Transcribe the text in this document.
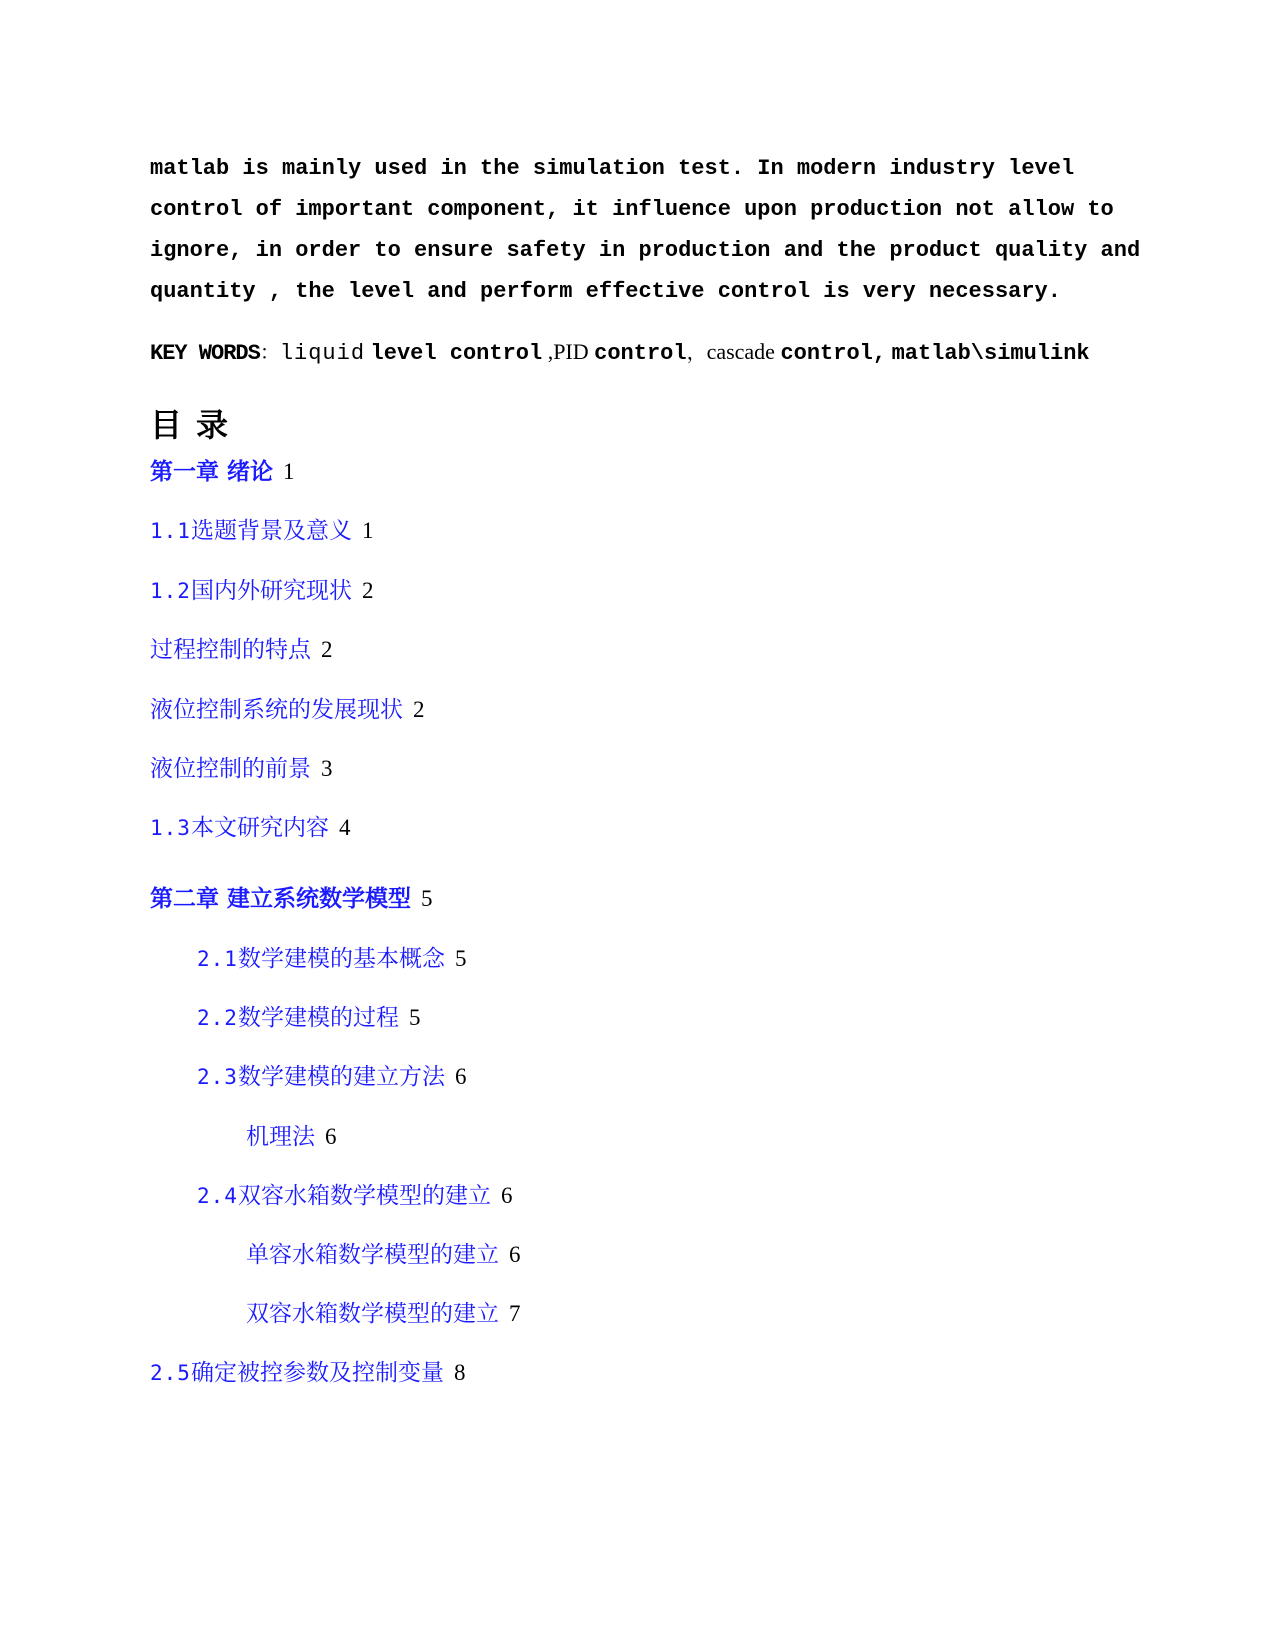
matlab is mainly used in the simulation test. In modern industry level
control of important component, it influence upon production not allow to
ignore, in order to ensure safety in production and the product quality and
quantity , the level and perform effective control is very necessary.
KEY WORDS：liquid level control ,PID control，cascade control, matlab\simulink
目录
第一章 绪论 1
1.1选题背景及意义 1
1.2国内外研究现状 2
过程控制的特点 2
液位控制系统的发展现状 2
液位控制的前景 3
1.3本文研究内容 4
第二章 建立系统数学模型 5
2.1数学建模的基本概念 5
2.2数学建模的过程 5
2.3数学建模的建立方法 6
机理法 6
2.4双容水箱数学模型的建立 6
单容水箱数学模型的建立 6
双容水箱数学模型的建立 7
2.5确定被控参数及控制变量 8
